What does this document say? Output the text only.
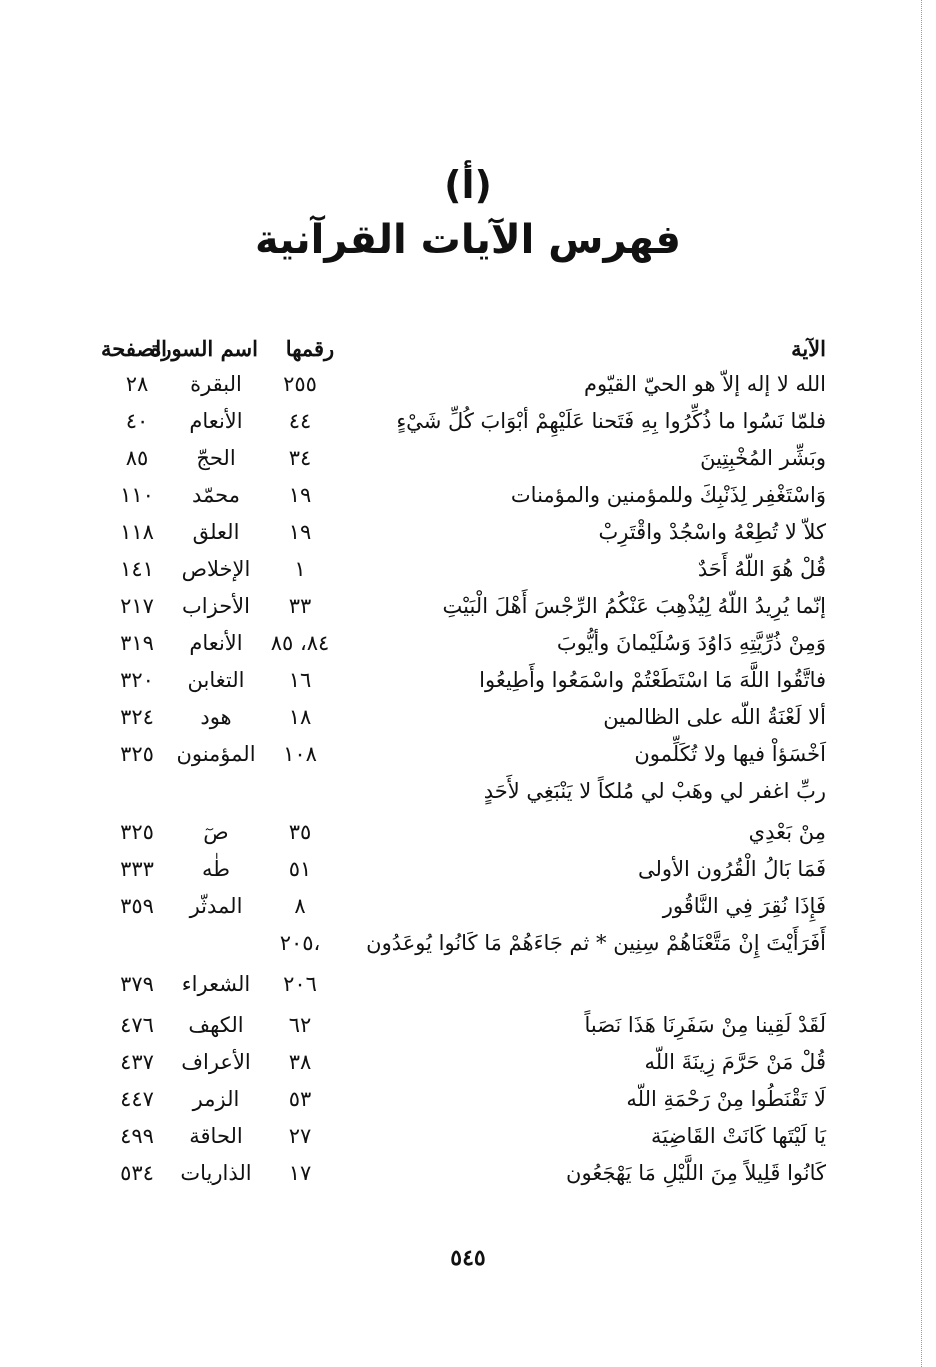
(أ)
فهرس الآيات القرآنية
الآية
رقمها
اسم السورة
الصفحة
الله لا إله إلاّ هو الحيّ القيّوم
٢٥٥
البقرة
٢٨
فلمّا نَسُوا ما ذُكِّرُوا بِهِ فَتَحنا عَلَيْهِمْ أبْوَابَ كُلِّ شَيْءٍ
٤٤
الأنعام
٤٠
وبَشِّر المُخْبِتِينَ
٣٤
الحجّ
٨٥
وَاسْتَغْفِر لِذَنْبِكَ وللمؤمنين والمؤمنات
١٩
محمّد
١١٠
كلاّ لا تُطِعْهُ واسْجُدْ واقْتَرِبْ
١٩
العلق
١١٨
قُلْ هُوَ اللّهُ أَحَدٌ
١
الإخلاص
١٤١
إنّما يُرِيدُ اللّهُ لِيُذْهِبَ عَنْكُمُ الرِّجْسَ أَهْلَ الْبَيْتِ
٣٣
الأحزاب
٢١٧
وَمِنْ ذُرِّيَّتِهِ دَاوُدَ وَسُلَيْمانَ وأيُّوبَ
٨٤، ٨٥
الأنعام
٣١٩
فاتَّقُوا اللَّهَ مَا اسْتَطَعْتُمْ واسْمَعُوا وأَطِيعُوا
١٦
التغابن
٣٢٠
ألا لَعْنَةُ اللّه على الظالمين
١٨
هود
٣٢٤
اَخْسَؤاْ فيها ولا تُكَلِّمون
١٠٨
المؤمنون
٣٢٥
ربِّ اغفر لي وهَبْ لي مُلكاً لا يَنْبَغِي لأَحَدٍ
مِنْ بَعْدِي
٣٥
صٓ
٣٢٥
فَمَا بَالُ الْقُرُون الأولى
٥١
طٰه
٣٣٣
فَإِذَا نُقِرَ فِي النَّاقُور
٨
المدثّر
٣٥٩
أَفَرَأَيْتَ إِنْ مَتَّعْنَاهُمْ سِنِين * ثم جَاءَهُمْ مَا كَانُوا يُوعَدُون
،٢٠٥
٢٠٦
الشعراء
٣٧٩
لَقَدْ لَقِينا مِنْ سَفَرِنَا هَذَا نَصَباً
٦٢
الكهف
٤٧٦
قُلْ مَنْ حَرَّمَ زِينَةَ اللّه
٣٨
الأعراف
٤٣٧
لَا تَقْنَطُوا مِنْ رَحْمَةِ اللّه
٥٣
الزمر
٤٤٧
يَا لَيْتَها كَانَتْ القَاضِيَة
٢٧
الحاقة
٤٩٩
كَانُوا قَلِيلاً مِنَ اللَّيْلِ مَا يَهْجَعُون
١٧
الذاريات
٥٣٤
٥٤٥
